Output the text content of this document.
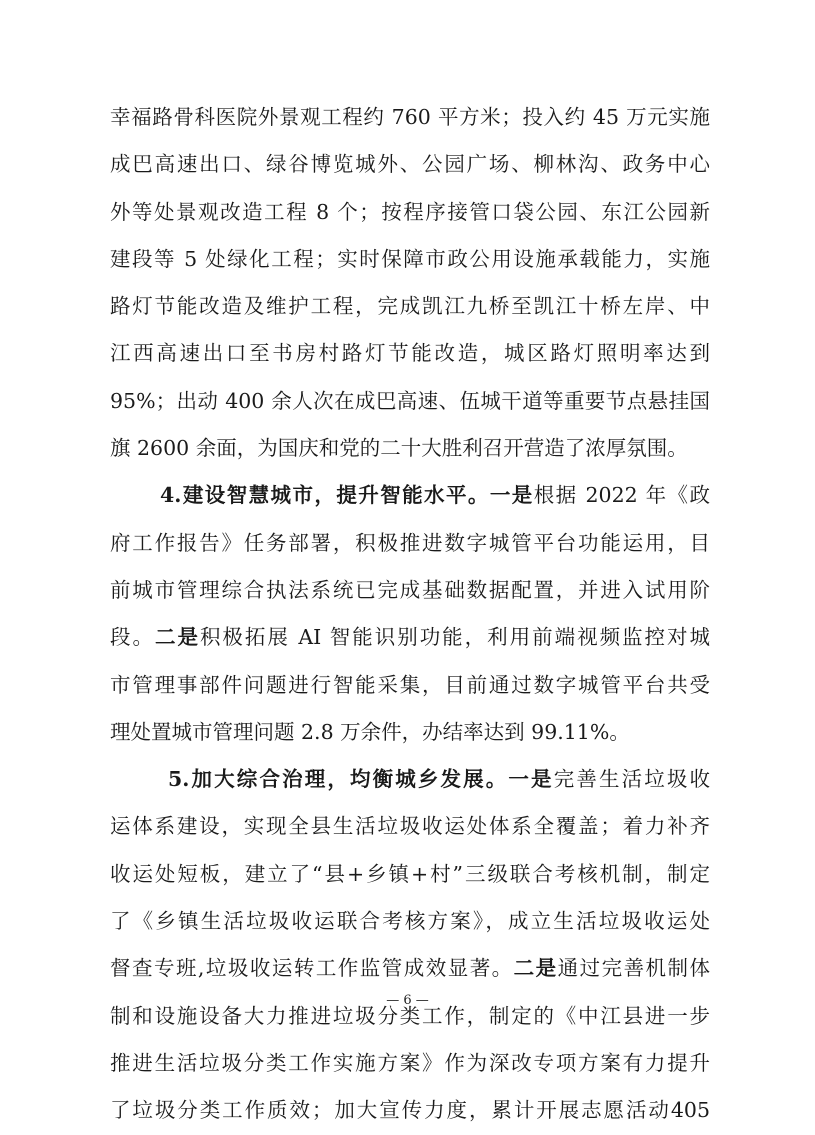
幸福路骨科医院外景观工程约 760 平方米；投入约 45 万元实施
成巴高速出口、绿谷博览城外、公园广场、柳林沟、政务中心
外等处景观改造工程 8 个；按程序接管口袋公园、东江公园新
建段等 5 处绿化工程；实时保障市政公用设施承载能力，实施
路灯节能改造及维护工程，完成凯江九桥至凯江十桥左岸、中
江西高速出口至书房村路灯节能改造，城区路灯照明率达到
95%；出动 400 余人次在成巴高速、伍城干道等重要节点悬挂国
旗 2600 余面，为国庆和党的二十大胜利召开营造了浓厚氛围。
4.建设智慧城市，提升智能水平。一是根据 2022 年《政
府工作报告》任务部署，积极推进数字城管平台功能运用，目
前城市管理综合执法系统已完成基础数据配置，并进入试用阶
段。二是积极拓展 AI 智能识别功能，利用前端视频监控对城
市管理事部件问题进行智能采集，目前通过数字城管平台共受
理处置城市管理问题 2.8 万余件，办结率达到 99.11%。
5.加大综合治理，均衡城乡发展。一是完善生活垃圾收
运体系建设，实现全县生活垃圾收运处体系全覆盖；着力补齐
收运处短板，建立了“县+乡镇+村”三级联合考核机制，制定
了《乡镇生活垃圾收运联合考核方案》，成立生活垃圾收运处
督查专班,垃圾收运转工作监管成效显著。二是通过完善机制体
制和设施设备大力推进垃圾分类工作，制定的《中江县进一步
推进生活垃圾分类工作实施方案》作为深改专项方案有力提升
了垃圾分类工作质效；加大宣传力度，累计开展志愿活动405
— 6 —
